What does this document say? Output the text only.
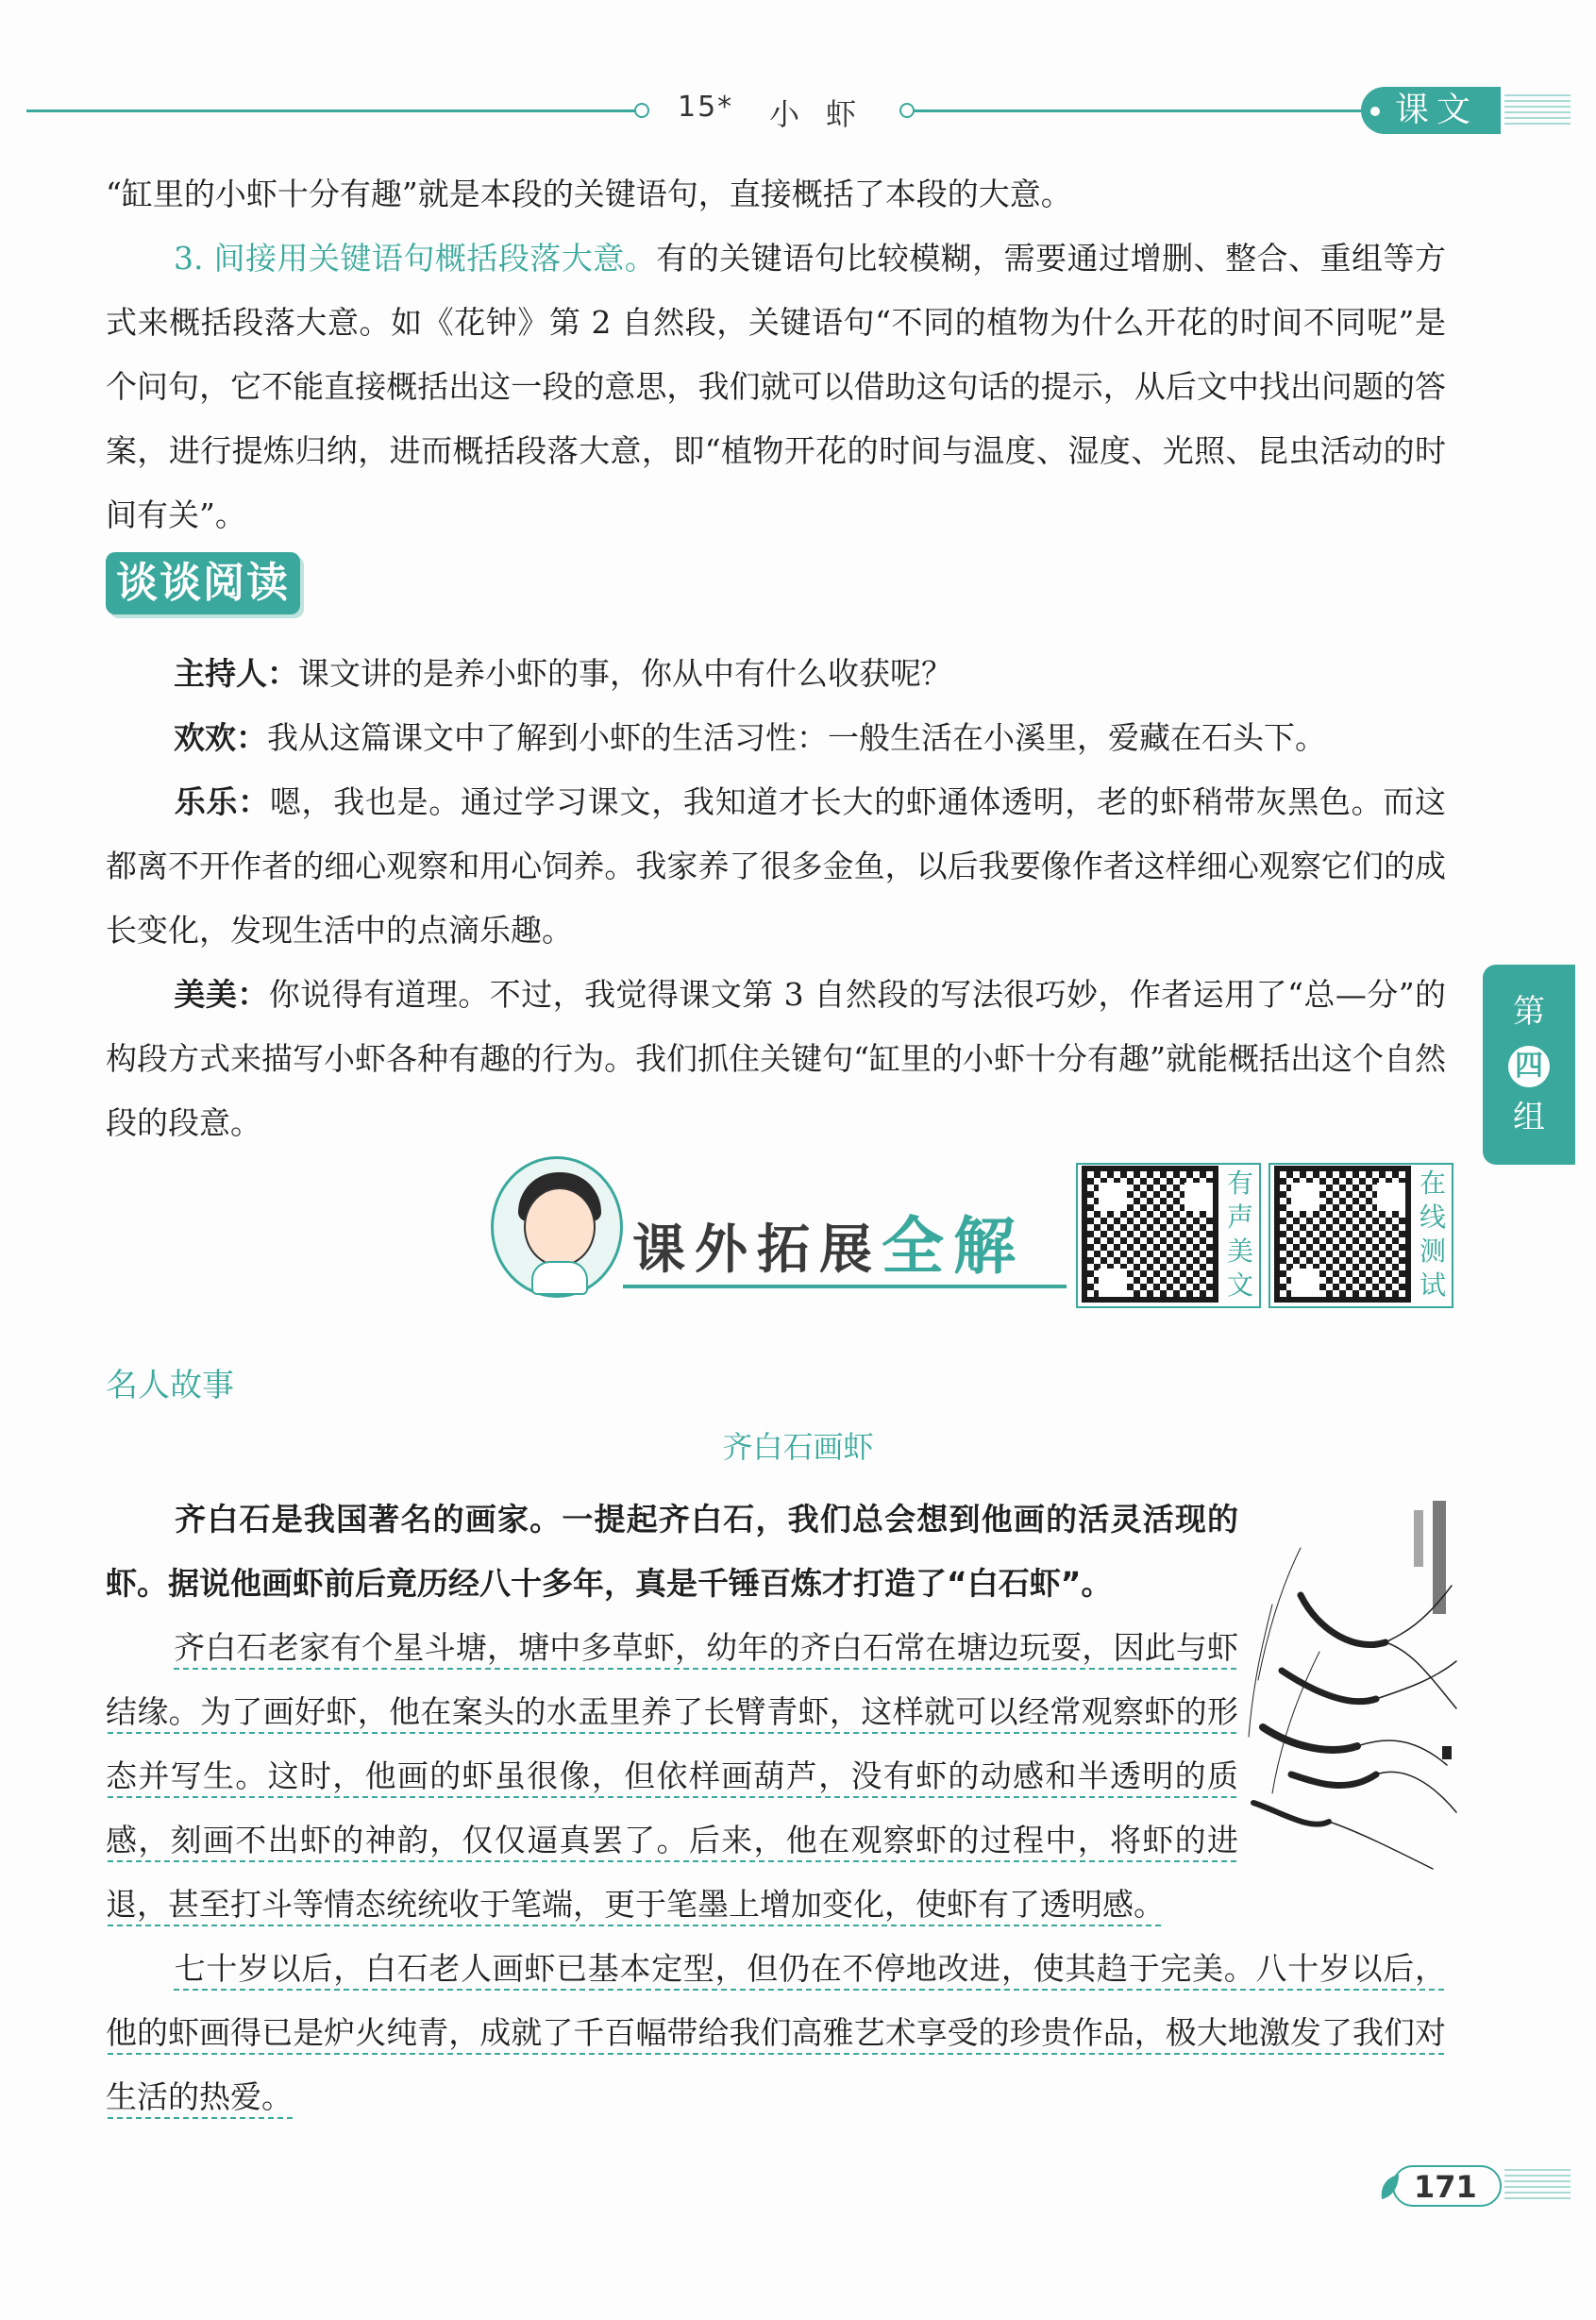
15* 小虾	课文
“缸里的小虾十分有趣”就是本段的关键语句，直接概括了本段的大意。
3. 间接用关键语句概括段落大意。有的关键语句比较模糊，需要通过增删、整合、重组等方式来概括段落大意。如《花钟》第 2 自然段，关键语句“不同的植物为什么开花的时间不同呢”是个问句，它不能直接概括出这一段的意思，我们就可以借助这句话的提示，从后文中找出问题的答案，进行提炼归纳，进而概括段落大意，即“植物开花的时间与温度、湿度、光照、昆虫活动的时间有关”。
谈谈阅读
主持人：课文讲的是养小虾的事，你从中有什么收获呢？
欢欢：我从这篇课文中了解到小虾的生活习性：一般生活在小溪里，爱藏在石头下。
乐乐：嗯，我也是。通过学习课文，我知道才长大的虾通体透明，老的虾稍带灰黑色。而这都离不开作者的细心观察和用心饲养。我家养了很多金鱼，以后我要像作者这样细心观察它们的成长变化，发现生活中的点滴乐趣。
美美：你说得有道理。不过，我觉得课文第 3 自然段的写法很巧妙，作者运用了“总—分”的构段方式来描写小虾各种有趣的行为。我们抓住关键句“缸里的小虾十分有趣”就能概括出这个自然段的段意。
第
四
组
课外拓展全解
有
声
美
文
在
线
测
试
名人故事
齐白石画虾
齐白石是我国著名的画家。一提起齐白石，我们总会想到他画的活灵活现的虾。据说他画虾前后竟历经八十多年，真是千锤百炼才打造了“白石虾”。
齐白石老家有个星斗塘，塘中多草虾，幼年的齐白石常在塘边玩耍，因此与虾结缘。为了画好虾，他在案头的水盂里养了长臂青虾，这样就可以经常观察虾的形态并写生。这时，他画的虾虽很像，但依样画葫芦，没有虾的动感和半透明的质感，刻画不出虾的神韵，仅仅逼真罢了。后来，他在观察虾的过程中，将虾的进退，甚至打斗等情态统统收于笔端，更于笔墨上增加变化，使虾有了透明感。
七十岁以后，白石老人画虾已基本定型，但仍在不停地改进，使其趋于完美。八十岁以后，他的虾画得已是炉火纯青，成就了千百幅带给我们高雅艺术享受的珍贵作品，极大地激发了我们对生活的热爱。
171
